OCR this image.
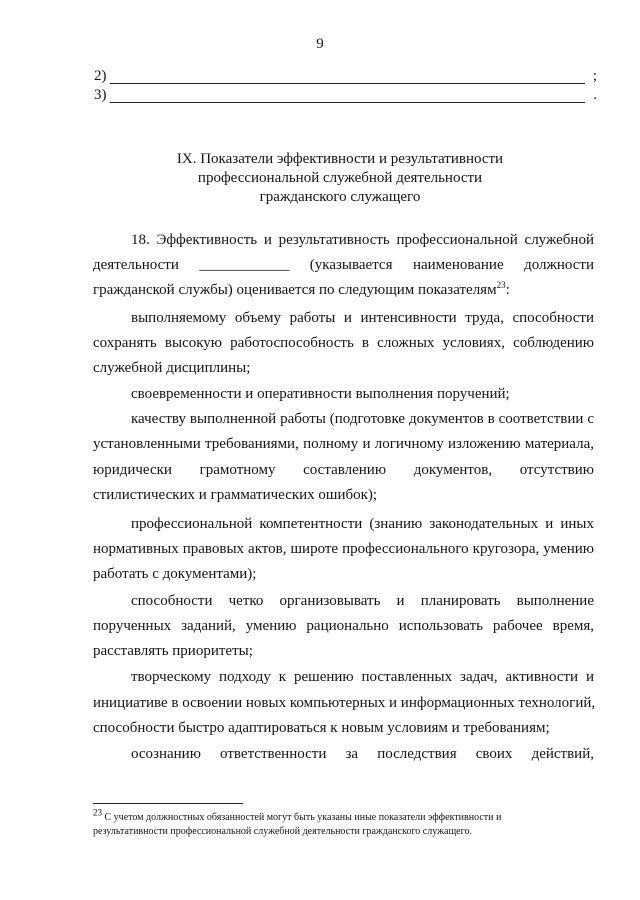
9
2)	;
3)	.
IX. Показатели эффективности и результативности
профессиональной служебной деятельности
гражданского служащего
18. Эффективность и результативность профессиональной служебной
деятельности ____________ (указывается наименование должности
гражданской службы) оценивается по следующим показателям$^{23}$:
выполняемому объему работы и интенсивности труда, способности
сохранять высокую работоспособность в сложных условиях, соблюдению
служебной дисциплины;
своевременности и оперативности выполнения поручений;
качеству выполненной работы (подготовке документов в соответствии с
установленными требованиями, полному и логичному изложению материала,
юридически грамотному составлению документов, отсутствию
стилистических и грамматических ошибок);
профессиональной компетентности (знанию законодательных и иных
нормативных правовых актов, широте профессионального кругозора, умению
работать с документами);
способности четко организовывать и планировать выполнение
порученных заданий, умению рационально использовать рабочее время,
расставлять приоритеты;
творческому подходу к решению поставленных задач, активности и
инициативе в освоении новых компьютерных и информационных технологий,
способности быстро адаптироваться к новым условиям и требованиям;
осознанию ответственности за последствия своих действий,
$^{23}$ С учетом должностных обязанностей могут быть указаны иные показатели эффективности и
результативности профессиональной служебной деятельности гражданского служащего.
